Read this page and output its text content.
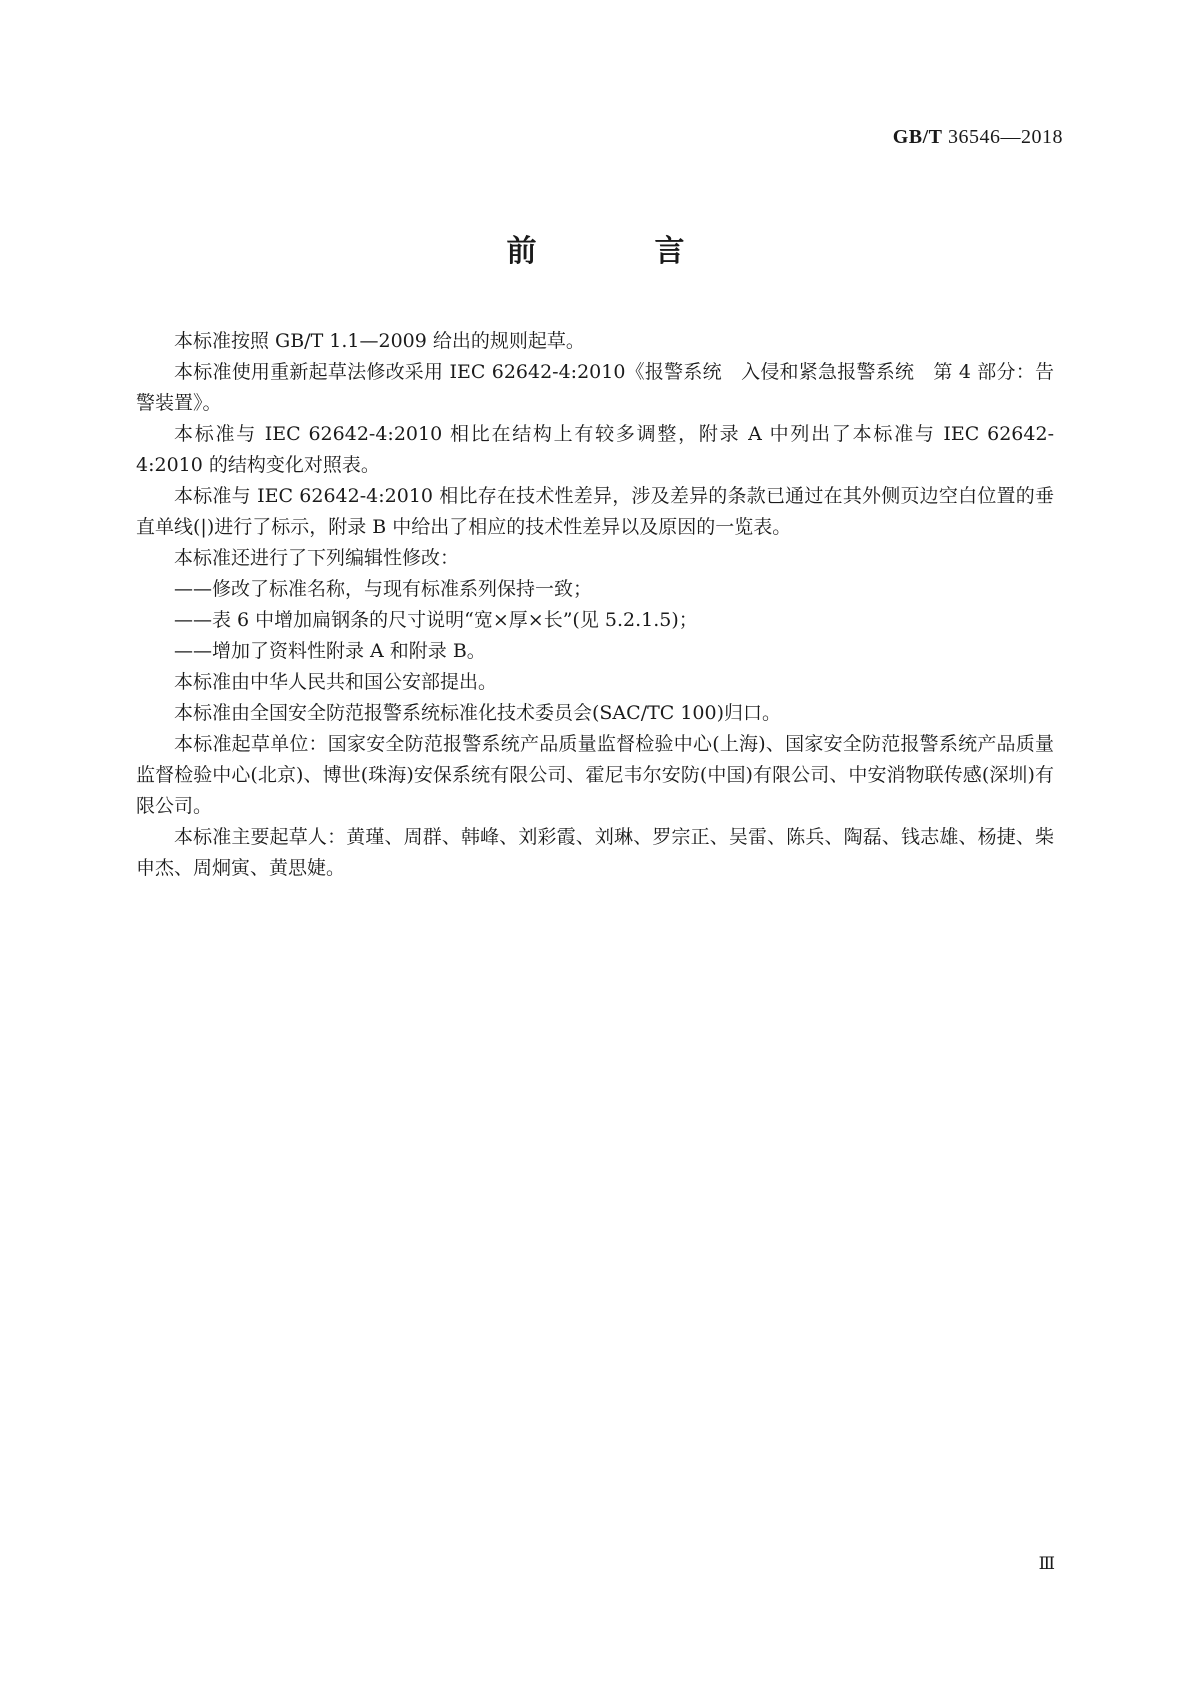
GB/T 36546—2018
前　言

本标准按照 GB/T 1.1—2009 给出的规则起草。

本标准使用重新起草法修改采用 IEC 62642-4:2010《报警系统　入侵和紧急报警系统　第 4 部分：告警装置》。

本标准与 IEC 62642-4:2010 相比在结构上有较多调整，附录 A 中列出了本标准与 IEC 62642-4:2010 的结构变化对照表。

本标准与 IEC 62642-4:2010 相比存在技术性差异，涉及差异的条款已通过在其外侧页边空白位置的垂直单线(|)进行了标示，附录 B 中给出了相应的技术性差异以及原因的一览表。

本标准还进行了下列编辑性修改：

——修改了标准名称，与现有标准系列保持一致；

——表 6 中增加扁钢条的尺寸说明“宽×厚×长”(见 5.2.1.5)；

——增加了资料性附录 A 和附录 B。

本标准由中华人民共和国公安部提出。

本标准由全国安全防范报警系统标准化技术委员会(SAC/TC 100)归口。

本标准起草单位：国家安全防范报警系统产品质量监督检验中心(上海)、国家安全防范报警系统产品质量监督检验中心(北京)、博世(珠海)安保系统有限公司、霍尼韦尔安防(中国)有限公司、中安消物联传感(深圳)有限公司。

本标准主要起草人：黄瑾、周群、韩峰、刘彩霞、刘琳、罗宗正、吴雷、陈兵、陶磊、钱志雄、杨捷、柴申杰、周炯寅、黄思婕。

Ⅲ
